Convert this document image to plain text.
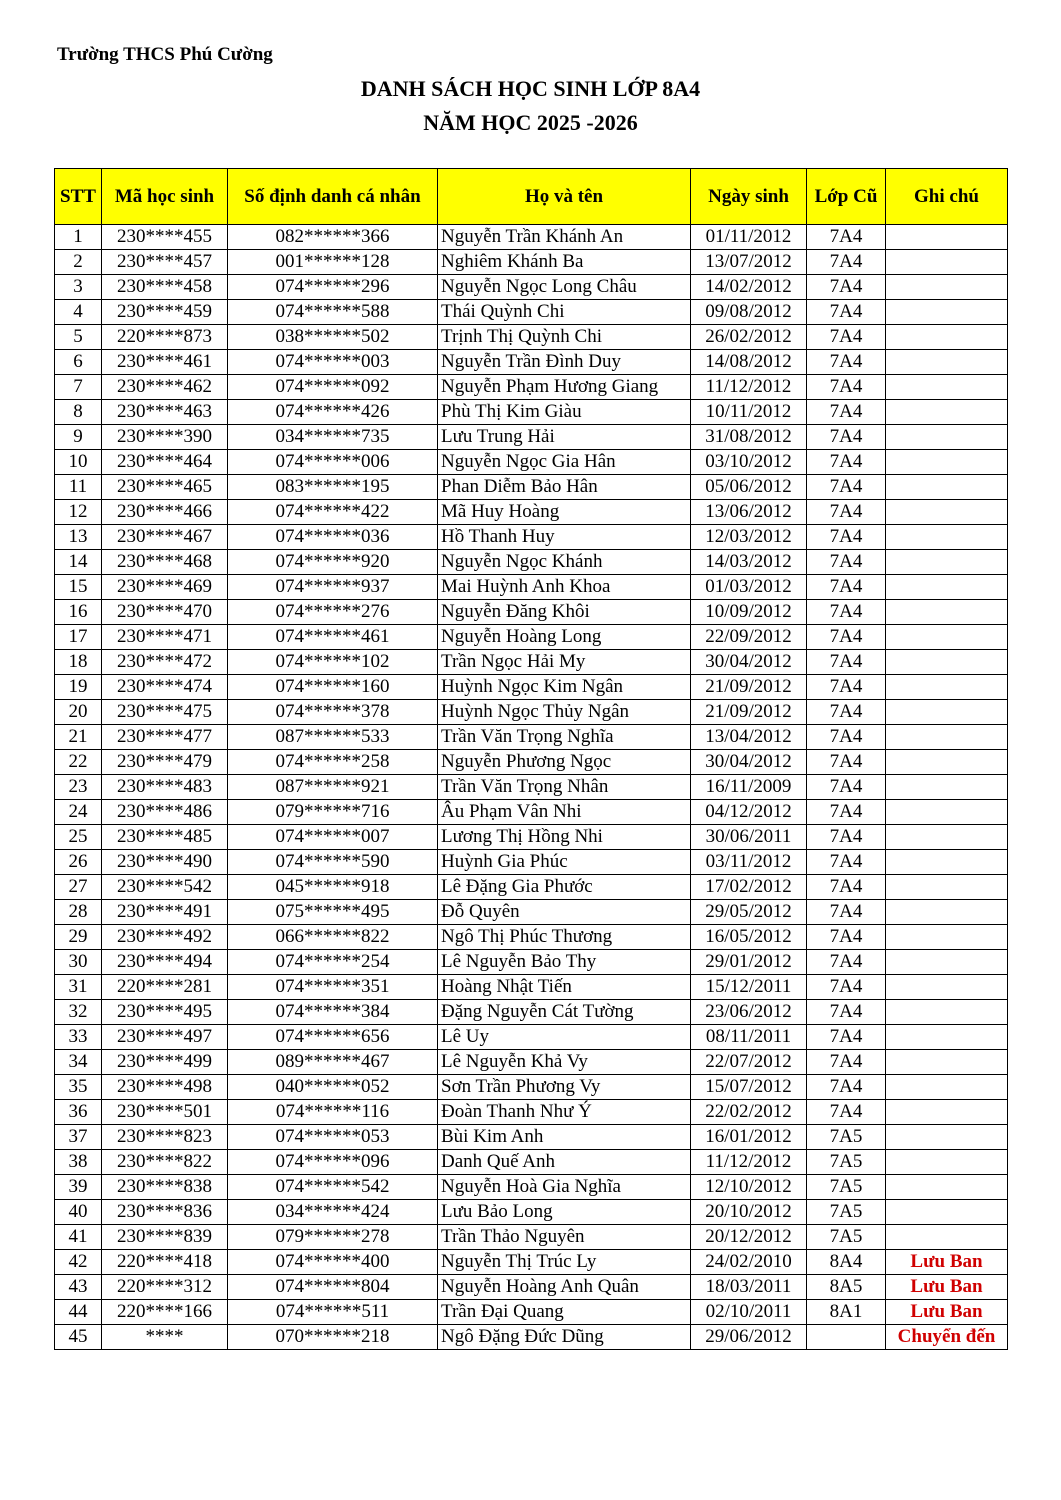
Trường THCS Phú Cường
DANH SÁCH HỌC SINH LỚP 8A4
NĂM HỌC 2025 -2026
STT	Mã học sinh	Số định danh cá nhân	Họ và tên	Ngày sinh	Lớp Cũ	Ghi chú
1	230****455	082******366	Nguyễn Trần Khánh An	01/11/2012	7A4	
2	230****457	001******128	Nghiêm Khánh Ba	13/07/2012	7A4	
3	230****458	074******296	Nguyễn Ngọc Long Châu	14/02/2012	7A4	
4	230****459	074******588	Thái Quỳnh Chi	09/08/2012	7A4	
5	220****873	038******502	Trịnh Thị Quỳnh Chi	26/02/2012	7A4	
6	230****461	074******003	Nguyễn Trần Đình Duy	14/08/2012	7A4	
7	230****462	074******092	Nguyễn Phạm Hương Giang	11/12/2012	7A4	
8	230****463	074******426	Phù Thị Kim Giàu	10/11/2012	7A4	
9	230****390	034******735	Lưu Trung Hải	31/08/2012	7A4	
10	230****464	074******006	Nguyễn Ngọc Gia Hân	03/10/2012	7A4	
11	230****465	083******195	Phan Diễm Bảo Hân	05/06/2012	7A4	
12	230****466	074******422	Mã Huy Hoàng	13/06/2012	7A4	
13	230****467	074******036	Hồ Thanh Huy	12/03/2012	7A4	
14	230****468	074******920	Nguyễn Ngọc Khánh	14/03/2012	7A4	
15	230****469	074******937	Mai Huỳnh Anh Khoa	01/03/2012	7A4	
16	230****470	074******276	Nguyễn Đăng Khôi	10/09/2012	7A4	
17	230****471	074******461	Nguyễn Hoàng Long	22/09/2012	7A4	
18	230****472	074******102	Trần Ngọc Hải My	30/04/2012	7A4	
19	230****474	074******160	Huỳnh Ngọc Kim Ngân	21/09/2012	7A4	
20	230****475	074******378	Huỳnh Ngọc Thủy Ngân	21/09/2012	7A4	
21	230****477	087******533	Trần Văn Trọng Nghĩa	13/04/2012	7A4	
22	230****479	074******258	Nguyễn Phương Ngọc	30/04/2012	7A4	
23	230****483	087******921	Trần Văn Trọng Nhân	16/11/2009	7A4	
24	230****486	079******716	Âu Phạm Vân Nhi	04/12/2012	7A4	
25	230****485	074******007	Lương Thị Hồng Nhi	30/06/2011	7A4	
26	230****490	074******590	Huỳnh Gia Phúc	03/11/2012	7A4	
27	230****542	045******918	Lê Đặng Gia Phước	17/02/2012	7A4	
28	230****491	075******495	Đỗ Quyên	29/05/2012	7A4	
29	230****492	066******822	Ngô Thị Phúc Thương	16/05/2012	7A4	
30	230****494	074******254	Lê Nguyễn Bảo Thy	29/01/2012	7A4	
31	220****281	074******351	Hoàng Nhật Tiến	15/12/2011	7A4	
32	230****495	074******384	Đặng Nguyễn Cát Tường	23/06/2012	7A4	
33	230****497	074******656	Lê Uy	08/11/2011	7A4	
34	230****499	089******467	Lê Nguyễn Khả Vy	22/07/2012	7A4	
35	230****498	040******052	Sơn Trần Phương Vy	15/07/2012	7A4	
36	230****501	074******116	Đoàn Thanh Như Ý	22/02/2012	7A4	
37	230****823	074******053	Bùi Kim Anh	16/01/2012	7A5	
38	230****822	074******096	Danh Quế Anh	11/12/2012	7A5	
39	230****838	074******542	Nguyễn Hoà Gia Nghĩa	12/10/2012	7A5	
40	230****836	034******424	Lưu Bảo Long	20/10/2012	7A5	
41	230****839	079******278	Trần Thảo Nguyên	20/12/2012	7A5	
42	220****418	074******400	Nguyễn Thị Trúc Ly	24/02/2010	8A4	Lưu Ban
43	220****312	074******804	Nguyễn Hoàng Anh Quân	18/03/2011	8A5	Lưu Ban
44	220****166	074******511	Trần Đại Quang	02/10/2011	8A1	Lưu Ban
45	****	070******218	Ngô Đặng Đức Dũng	29/06/2012		Chuyển đến
